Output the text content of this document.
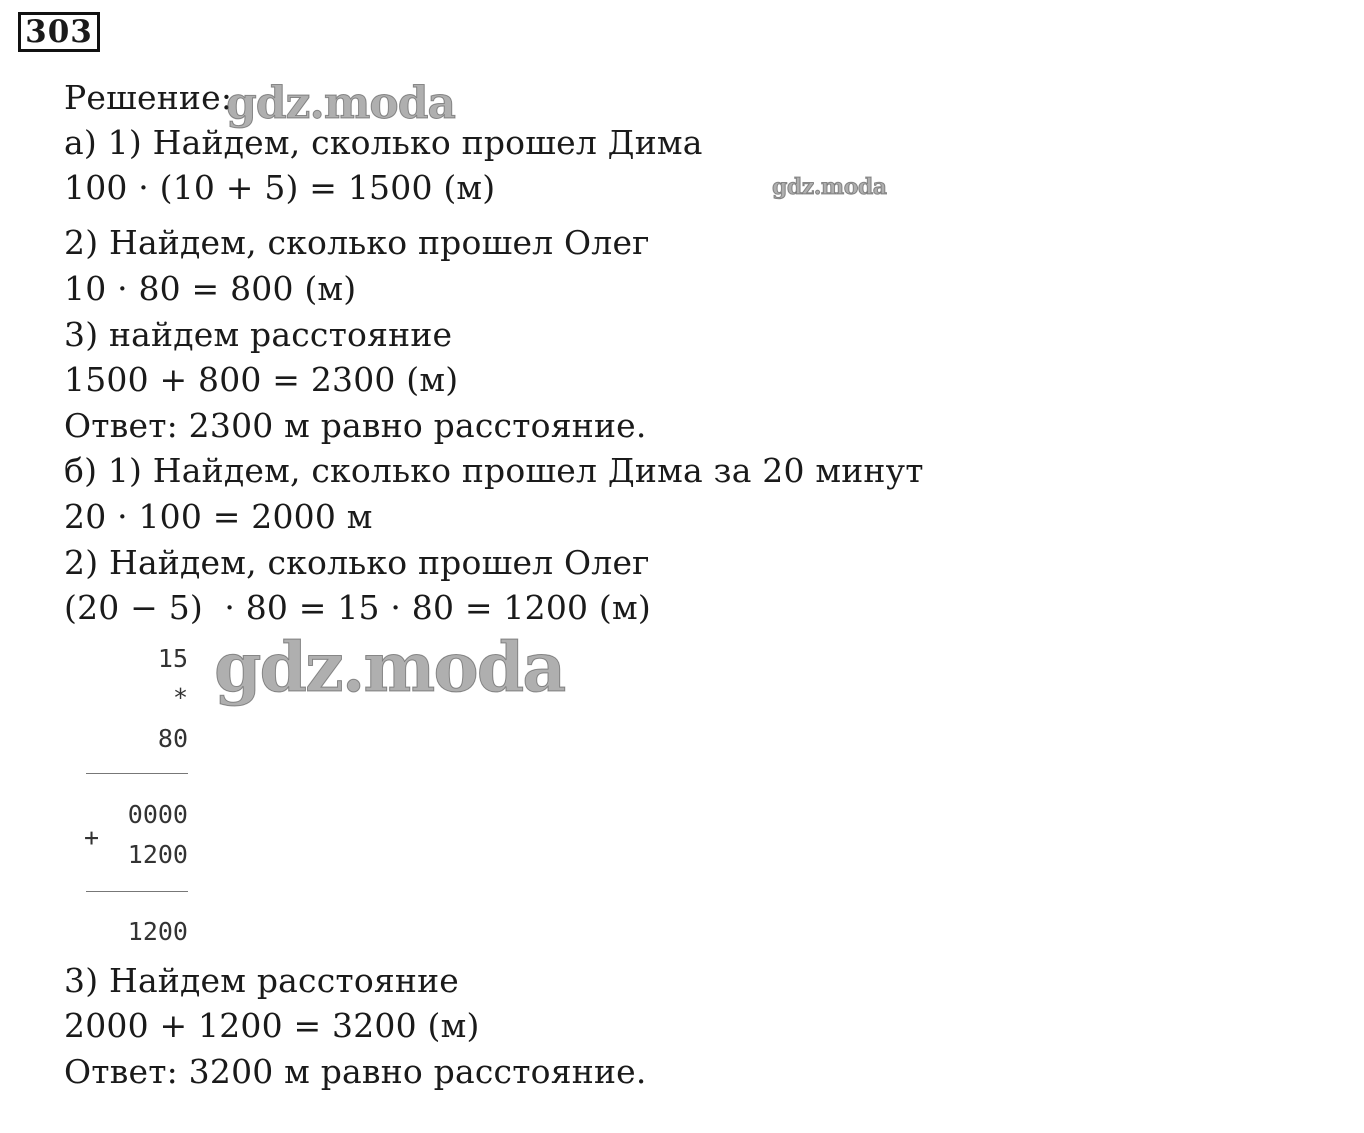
303
Решение:
а) 1) Найдем, сколько прошел Дима
100 · (10 + 5) = 1500 (м)
2) Найдем, сколько прошел Олег
10 · 80 = 800 (м)
3) найдем расстояние
1500 + 800 = 2300 (м)
Ответ: 2300 м равно расстояние.
б) 1) Найдем, сколько прошел Дима за 20 минут
20 · 100 = 2000 м
2) Найдем, сколько прошел Олег
(20 − 5)  · 80 = 15 · 80 = 1200 (м)
15
*
80
0000
+
1200
1200
3) Найдем расстояние
2000 + 1200 = 3200 (м)
Ответ: 3200 м равно расстояние.
gdz.moda
gdz.moda
gdz.moda
